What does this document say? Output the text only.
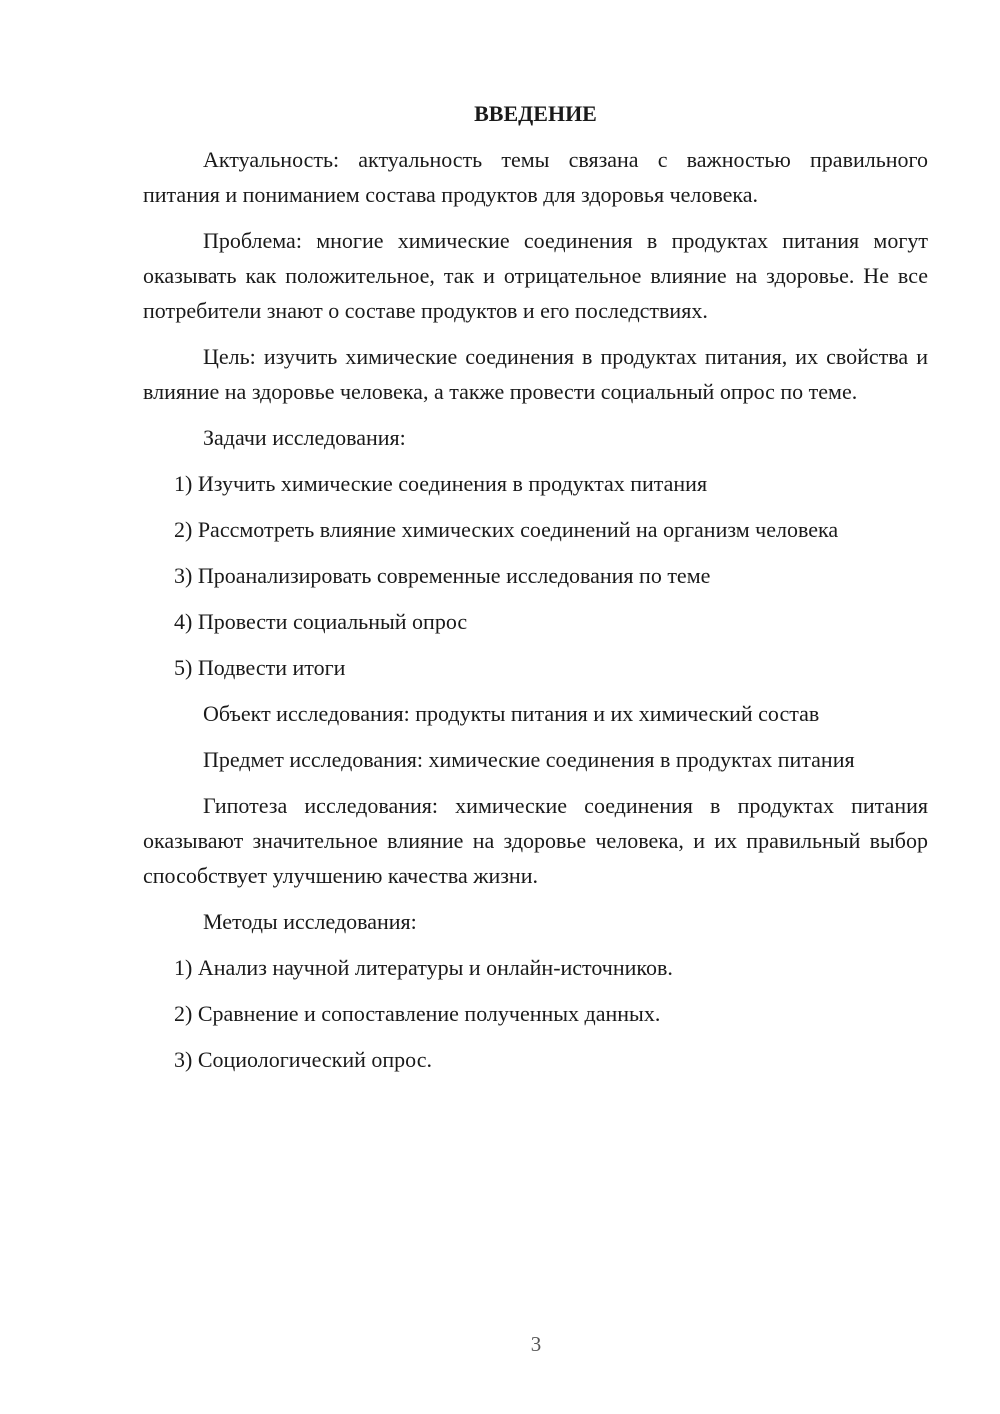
ВВЕДЕНИЕ
Актуальность: актуальность темы связана с важностью правильного питания и пониманием состава продуктов для здоровья человека.
Проблема: многие химические соединения в продуктах питания могут оказывать как положительное, так и отрицательное влияние на здоровье. Не все потребители знают о составе продуктов и его последствиях.
Цель: изучить химические соединения в продуктах питания, их свойства и влияние на здоровье человека, а также провести социальный опрос по теме.
Задачи исследования:
1) Изучить химические соединения в продуктах питания
2) Рассмотреть влияние химических соединений на организм человека
3) Проанализировать современные исследования по теме
4) Провести социальный опрос
5) Подвести итоги
Объект исследования: продукты питания и их химический состав
Предмет исследования: химические соединения в продуктах питания
Гипотеза исследования: химические соединения в продуктах питания оказывают значительное влияние на здоровье человека, и их правильный выбор способствует улучшению качества жизни.
Методы исследования:
1) Анализ научной литературы и онлайн-источников.
2) Сравнение и сопоставление полученных данных.
3) Социологический опрос.
3
